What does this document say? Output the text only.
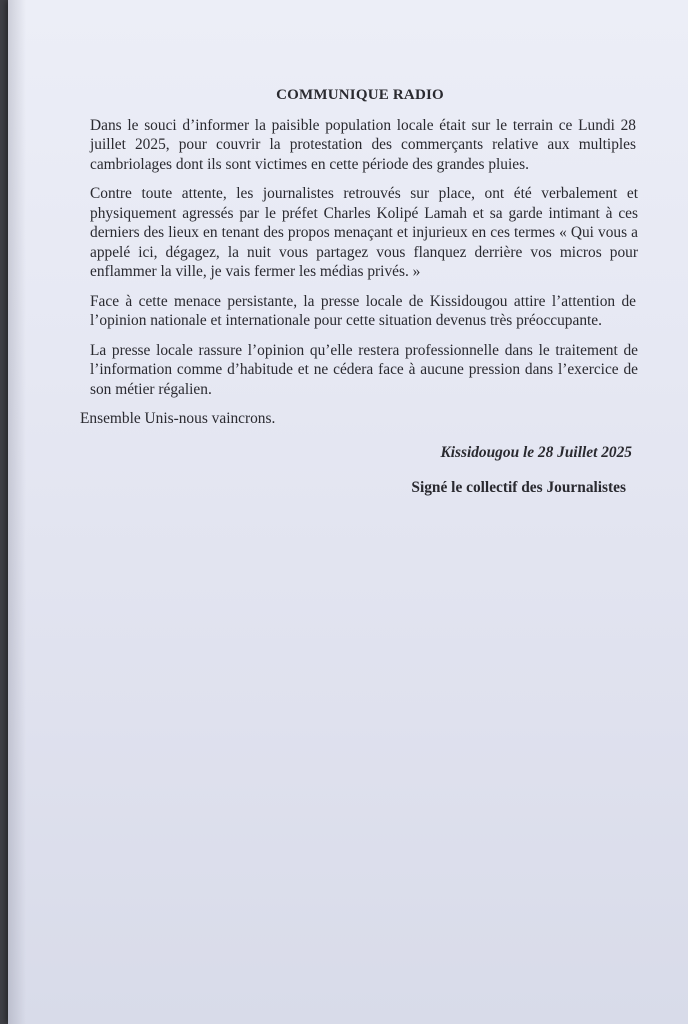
COMMUNIQUE RADIO

Dans le souci d’informer la paisible population locale était sur le terrain ce Lundi 28 juillet 2025, pour couvrir la protestation des commerçants relative aux multiples cambriolages dont ils sont victimes en cette période des grandes pluies.

Contre toute attente, les journalistes retrouvés sur place, ont été verbalement et physiquement agressés par le préfet Charles Kolipé Lamah et sa garde intimant à ces derniers des lieux en tenant des propos menaçant et injurieux en ces termes « Qui vous a appelé ici, dégagez, la nuit vous partagez vous flanquez derrière vos micros pour enflammer la ville, je vais fermer les médias privés. »

Face à cette menace persistante, la presse locale de Kissidougou attire l’attention de l’opinion nationale et internationale pour cette situation devenus très préoccupante.

La presse locale rassure l’opinion qu’elle restera professionnelle dans le traitement de l’information comme d’habitude et ne cédera face à aucune pression dans l’exercice de son métier régalien.

Ensemble Unis-nous vaincrons.

Kissidougou le 28 Juillet 2025

Signé le collectif des Journalistes
